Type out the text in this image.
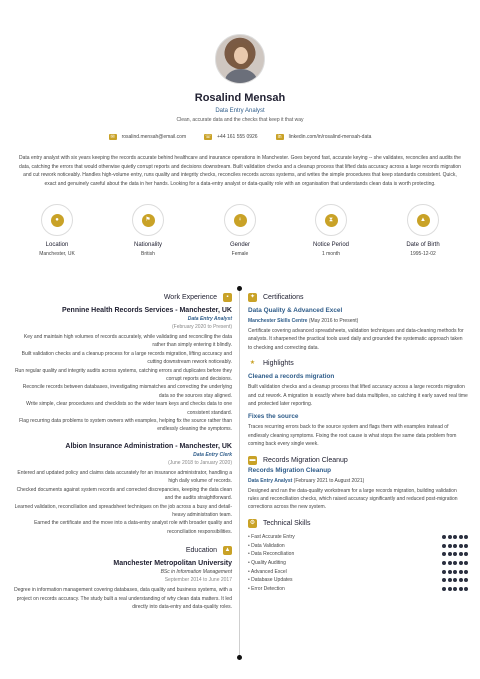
Rosalind Mensah
Data Entry Analyst
Clean, accurate data and the checks that keep it that way
✉	rosalind.mensah@email.com	☏ +44 161 555 0926	in	linkedin.com/in/rosalind-mensah-data
Data entry analyst with six years keeping the records accurate behind healthcare and insurance operations in Manchester. Goes beyond fast, accurate keying -- she validates, reconciles and audits the data, catching the errors that would otherwise quietly corrupt reports and decisions downstream. Built validation checks and a cleanup process that lifted data accuracy across a large records migration and cut rework noticeably. Handles high-volume entry, runs quality and integrity checks, reconciles records across systems, and writes the simple procedures that keep standards consistent. Quick, exact and genuinely careful about the data in her hands. Looking for a data-entry analyst or data-quality role with an organisation that understands clean data is worth protecting.
●
Location
Manchester, UK
⚑
Nationality
British
♀
Gender
Female
⧗
Notice Period
1 month
▲
Date of Birth
1995-12-02
Work Experience	▪
Pennine Health Records Services - Manchester, UK
Data Entry Analyst
(February 2020 to Present)
Key and maintain high volumes of records accurately, while validating and reconciling the data rather than simply entering it blindly.
Built validation checks and a cleanup process for a large records migration, lifting accuracy and cutting downstream rework noticeably.
Run regular quality and integrity audits across systems, catching errors and duplicates before they corrupt reports and decisions.
Reconcile records between databases, investigating mismatches and correcting the underlying data so the sources stay aligned.
Write simple, clear procedures and checklists so the wider team keys and checks data to one consistent standard.
Flag recurring data problems to system owners with examples, helping fix the source rather than endlessly cleaning the symptoms.
Albion Insurance Administration - Manchester, UK
Data Entry Clerk
(June 2018 to January 2020)
Entered and updated policy and claims data accurately for an insurance administrator, handling a high daily volume of records.
Checked documents against system records and corrected discrepancies, keeping the data clean and the audits straightforward.
Learned validation, reconciliation and spreadsheet techniques on the job across a busy and detail-heavy administration team.
Earned the certificate and the move into a data-entry analyst role with broader quality and reconciliation responsibilities.
Education ▲
Manchester Metropolitan University
BSc in Information Management
September 2014 to June 2017
Degree in information management covering databases, data quality and business systems, with a project on records accuracy. The study built a real understanding of why clean data matters. It led directly into data-entry and data-quality roles.
✦ Certifications
Data Quality & Advanced Excel
Manchester Skills Centre (May 2016 to Present)
Certificate covering advanced spreadsheets, validation techniques and data-cleaning methods for analysts. It sharpened the practical tools used daily and grounded the systematic approach taken to checking and correcting data.
★ Highlights
Cleaned a records migration
Built validation checks and a cleanup process that lifted accuracy across a large records migration and cut rework. A migration is exactly where bad data multiplies, so catching it early saved real time and protected later reporting.
Fixes the source
Traces recurring errors back to the source system and flags them with examples instead of endlessly cleaning symptoms. Fixing the root cause is what stops the same data problem from coming back every single week.
▬ Records Migration Cleanup
Records Migration Cleanup
Data Entry Analyst (February 2021 to August 2021)
Designed and ran the data-quality workstream for a large records migration, building validation rules and reconciliation checks, which raised accuracy significantly and reduced post-migration corrections across the new system.
⚙ Technical Skills
• Fast Accurate Entry
• Data Validation
• Data Reconciliation
• Quality Auditing
• Advanced Excel
• Database Updates
• Error Detection
